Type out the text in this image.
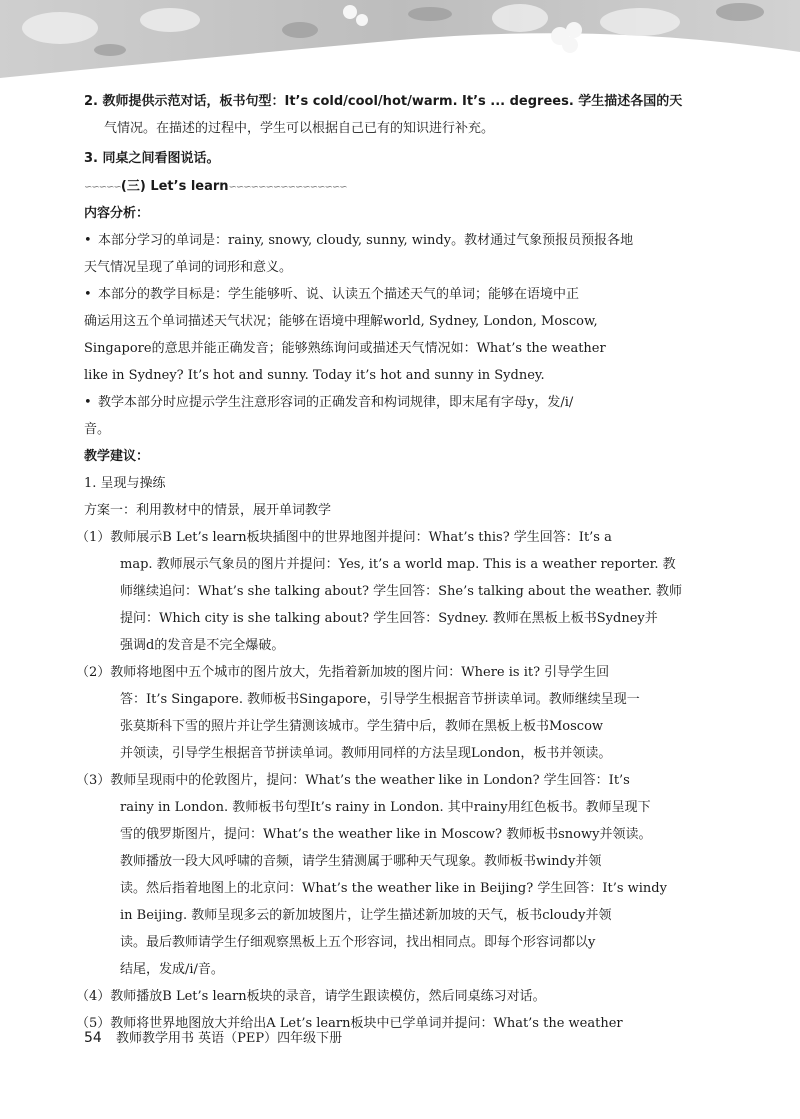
2. 教师提供示范对话，板书句型：It’s cold/cool/hot/warm. It’s ... degrees. 学生描述各国的天
气情况。在描述的过程中，学生可以根据自己已有的知识进行补充。
3. 同桌之间看图说话。
∽∽∽∽∽(三) Let’s learn∽∽∽∽∽∽∽∽∽∽∽∽∽∽∽∽
内容分析：
• 本部分学习的单词是：rainy, snowy, cloudy, sunny, windy。教材通过气象预报员预报各地
天气情况呈现了单词的词形和意义。
• 本部分的教学目标是：学生能够听、说、认读五个描述天气的单词；能够在语境中正
确运用这五个单词描述天气状况；能够在语境中理解world, Sydney, London, Moscow,
Singapore的意思并能正确发音；能够熟练询问或描述天气情况如：What’s the weather
like in Sydney? It’s hot and sunny. Today it’s hot and sunny in Sydney.
• 教学本部分时应提示学生注意形容词的正确发音和构词规律，即末尾有字母y，发/i/
音。
教学建议：
1. 呈现与操练
方案一：利用教材中的情景，展开单词教学
（1）教师展示B Let’s learn板块插图中的世界地图并提问：What’s this? 学生回答：It’s a
map. 教师展示气象员的图片并提问：Yes, it’s a world map. This is a weather reporter. 教
师继续追问：What’s she talking about? 学生回答：She’s talking about the weather. 教师
提问：Which city is she talking about? 学生回答：Sydney. 教师在黑板上板书Sydney并
强调d的发音是不完全爆破。
（2）教师将地图中五个城市的图片放大，先指着新加坡的图片问：Where is it? 引导学生回
答：It’s Singapore. 教师板书Singapore，引导学生根据音节拼读单词。教师继续呈现一
张莫斯科下雪的照片并让学生猜测该城市。学生猜中后，教师在黑板上板书Moscow
并领读，引导学生根据音节拼读单词。教师用同样的方法呈现London，板书并领读。
（3）教师呈现雨中的伦敦图片，提问：What’s the weather like in London? 学生回答：It’s
rainy in London. 教师板书句型It’s rainy in London. 其中rainy用红色板书。教师呈现下
雪的俄罗斯图片，提问：What’s the weather like in Moscow? 教师板书snowy并领读。
教师播放一段大风呼啸的音频，请学生猜测属于哪种天气现象。教师板书windy并领
读。然后指着地图上的北京问：What’s the weather like in Beijing? 学生回答：It’s windy
in Beijing. 教师呈现多云的新加坡图片，让学生描述新加坡的天气，板书cloudy并领
读。最后教师请学生仔细观察黑板上五个形容词，找出相同点。即每个形容词都以y
结尾，发成/i/音。
（4）教师播放B Let’s learn板块的录音，请学生跟读模仿，然后同桌练习对话。
（5）教师将世界地图放大并给出A Let’s learn板块中已学单词并提问：What’s the weather
54 教师教学用书 英语（PEP）四年级下册
